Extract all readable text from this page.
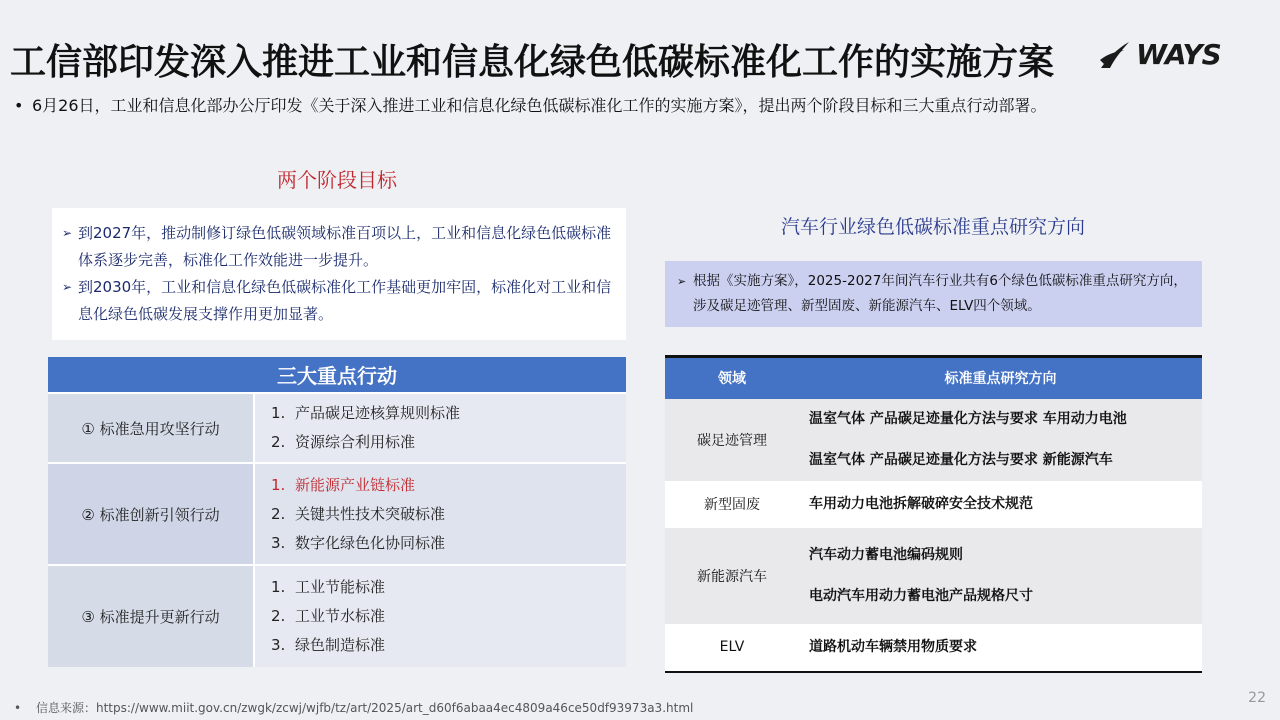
工信部印发深入推进工业和信息化绿色低碳标准化工作的实施方案	WAYS
• 6月26日，工业和信息化部办公厅印发《关于深入推进工业和信息化绿色低碳标准化工作的实施方案》，提出两个阶段目标和三大重点行动部署。
两个阶段目标
➢ 到2027年，推动制修订绿色低碳领域标准百项以上，工业和信息化绿色低碳标准体系逐步完善，标准化工作效能进一步提升。
➢ 到2030年，工业和信息化绿色低碳标准化工作基础更加牢固，标准化对工业和信息化绿色低碳发展支撑作用更加显著。
三大重点行动	
① 标准急用攻坚行动	1. 产品碳足迹核算规则标准
2. 资源综合利用标准

② 标准创新引领行动	1. 新能源产业链标准
2. 关键共性技术突破标准
3. 数字化绿色化协同标准

③ 标准提升更新行动	1. 工业节能标准
2. 工业节水标准
3. 绿色制造标准
汽车行业绿色低碳标准重点研究方向
➢ 根据《实施方案》，2025-2027年间汽车行业共有6个绿色低碳标准重点研究方向，涉及碳足迹管理、新型固废、新能源汽车、ELV四个领域。
领域	标准重点研究方向
碳足迹管理	温室气体 产品碳足迹量化方法与要求 车用动力电池
温室气体 产品碳足迹量化方法与要求 新能源汽车

新型固废	车用动力电池拆解破碎安全技术规范

新能源汽车	汽车动力蓄电池编码规则
电动汽车用动力蓄电池产品规格尺寸

ELV	道路机动车辆禁用物质要求
• 信息来源：https://www.miit.gov.cn/zwgk/zcwj/wjfb/tz/art/2025/art_d60f6abaa4ec4809a46ce50df93973a3.html
22
